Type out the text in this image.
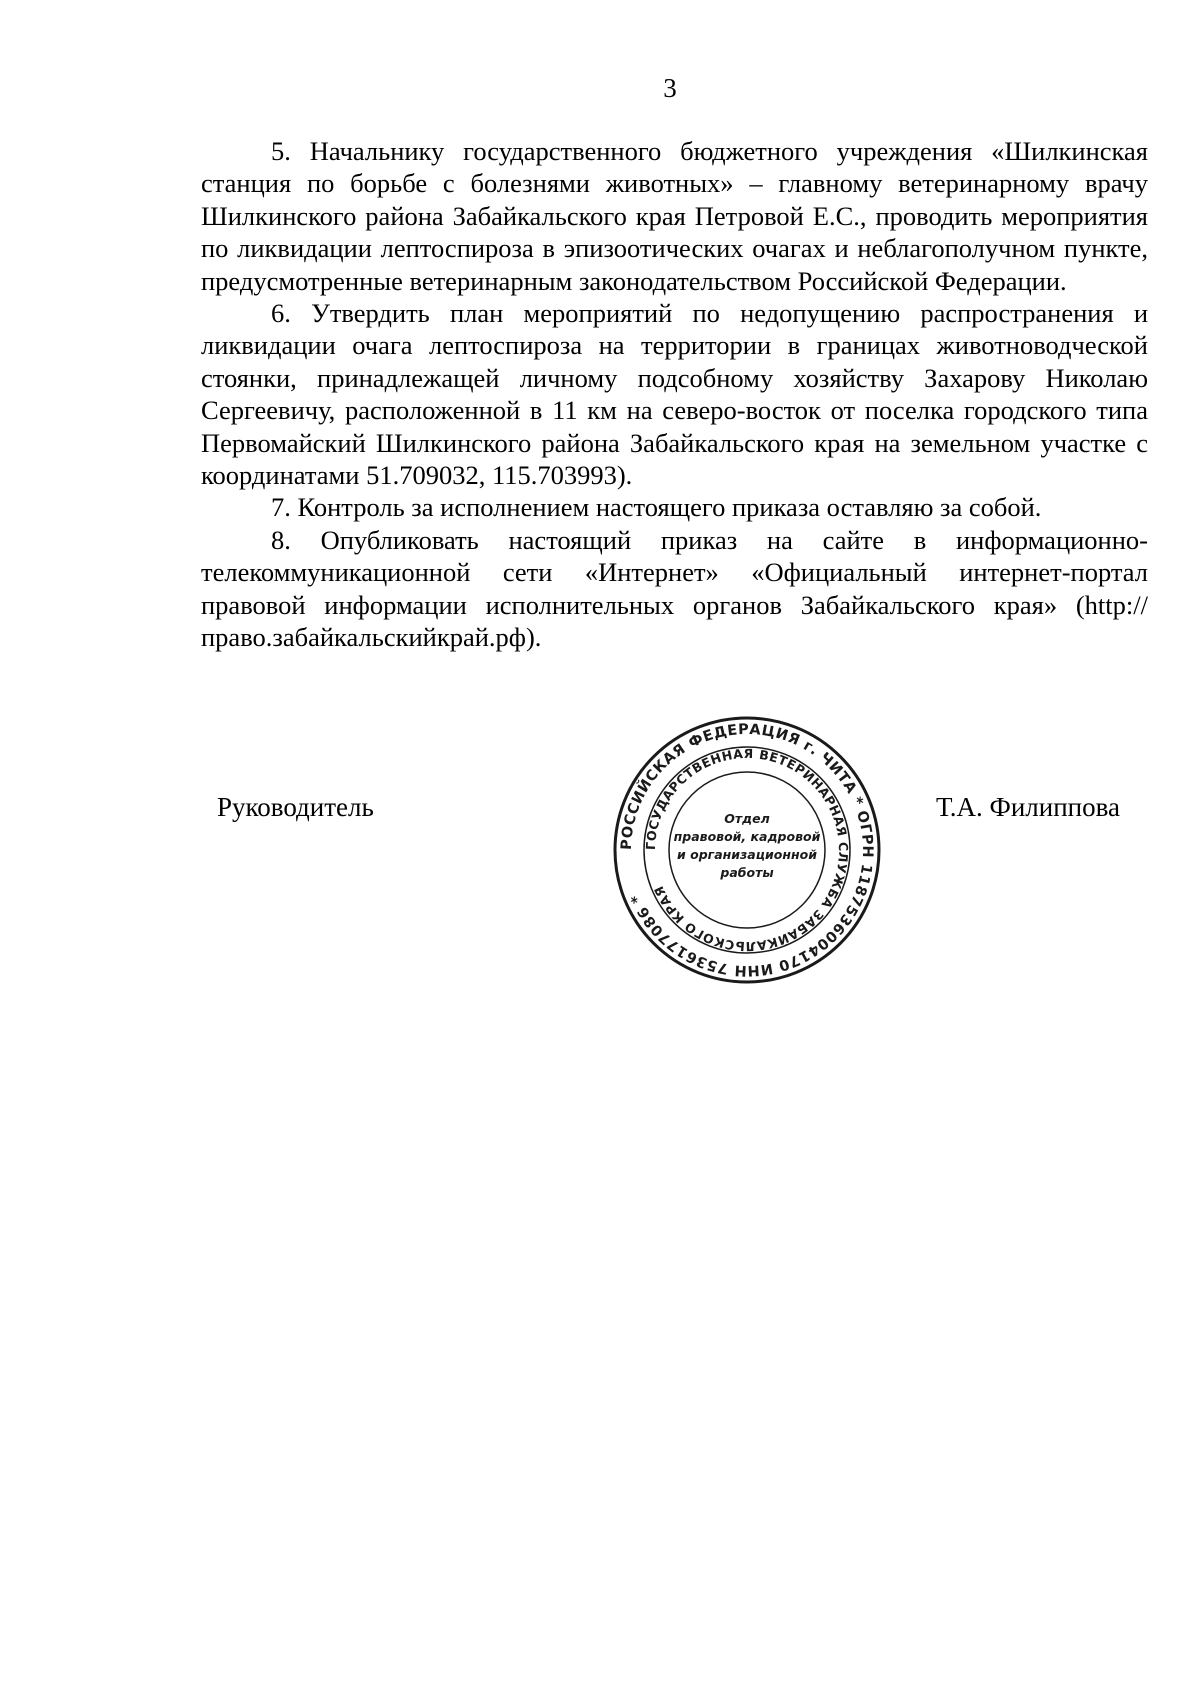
3

5. Начальнику государственного бюджетного учреждения «Шилкинская станция по борьбе с болезнями животных» – главному ветеринарному врачу Шилкинского района Забайкальского края Петровой Е.С., проводить мероприятия по ликвидации лептоспироза в эпизоотических очагах и неблагополучном пункте, предусмотренные ветеринарным законодательством Российской Федерации.

6. Утвердить план мероприятий по недопущению распространения и ликвидации очага лептоспироза на территории в границах животноводческой стоянки, принадлежащей личному подсобному хозяйству Захарову Николаю Сергеевичу, расположенной в 11 км на северо-восток от поселка городского типа Первомайский Шилкинского района Забайкальского края на земельном участке с координатами 51.709032, 115.703993).

7. Контроль за исполнением настоящего приказа оставляю за собой.

8. Опубликовать настоящий приказ на сайте в информационно-телекоммуникационной сети «Интернет» «Официальный интернет-портал правовой информации исполнительных органов Забайкальского края» (http://право.забайкальскийкрай.рф).

Руководитель
РОССИЙСКАЯ ФЕДЕРАЦИЯ г. ЧИТА * ОГРН 1187536004170 ИНН 7536177086 *
ГОСУДАРСТВЕННАЯ ВЕТЕРИНАРНАЯ СЛУЖБА ЗАБАЙКАЛЬСКОГО КРАЯ
Отдел
правовой, кадровой
и организационной
работы
Т.А. Филиппова
